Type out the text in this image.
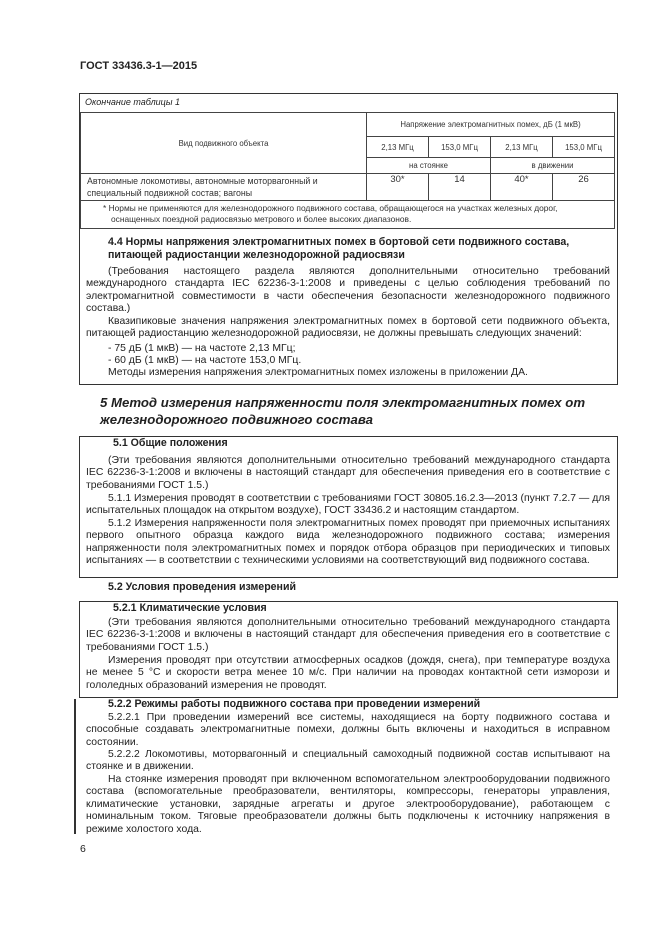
ГОСТ 33436.3-1—2015
Окончание таблицы 1
Вид подвижного объекта	Напряжение электромагнитных помех, дБ (1 мкВ)			
	2,13 МГц	153,0 МГц	2,13 МГц	153,0 МГц
	на стоянке		в движении	
Автономные локомотивы, автономные моторвагонный и специальный подвижной состав; вагоны	30*	14	40*	26
* Нормы не применяются для железнодорожного подвижного состава, обращающегося на участках железных дорог, оснащенных поездной радиосвязью метрового и более высоких диапазонов.				
4.4 Нормы напряжения электромагнитных помех в бортовой сети подвижного состава,
питающей радиостанции железнодорожной радиосвязи
(Требования настоящего раздела являются дополнительными относительно требований международного стандарта IEC 62236-3-1:2008 и приведены с целью соблюдения требований по электромагнитной совместимости в части обеспечения безопасности железнодорожного подвижного состава.)
Квазипиковые значения напряжения электромагнитных помех в бортовой сети подвижного объекта, питающей радиостанцию железнодорожной радиосвязи, не должны превышать следующих значений:
- 75 дБ (1 мкВ) — на частоте 2,13 МГц;
- 60 дБ (1 мкВ) — на частоте 153,0 МГц.
Методы измерения напряжения электромагнитных помех изложены в приложении ДА.
5 Метод измерения напряженности поля электромагнитных помех от
железнодорожного подвижного состава
5.1 Общие положения
(Эти требования являются дополнительными относительно требований международного стандарта IEC 62236-3-1:2008 и включены в настоящий стандарт для обеспечения приведения его в соответствие с требованиями ГОСТ 1.5.)
5.1.1 Измерения проводят в соответствии с требованиями ГОСТ 30805.16.2.3—2013 (пункт 7.2.7 — для испытательных площадок на открытом воздухе), ГОСТ 33436.2 и настоящим стандартом.
5.1.2 Измерения напряженности поля электромагнитных помех проводят при приемочных испытаниях первого опытного образца каждого вида железнодорожного подвижного состава; измерения напряженности поля электромагнитных помех и порядок отбора образцов при периодических и типовых испытаниях — в соответствии с техническими условиями на соответствующий вид подвижного состава.
5.2 Условия проведения измерений
5.2.1 Климатические условия
(Эти требования являются дополнительными относительно требований международного стандарта IEC 62236-3-1:2008 и включены в настоящий стандарт для обеспечения приведения его в соответствие с требованиями ГОСТ 1.5.)
Измерения проводят при отсутствии атмосферных осадков (дождя, снега), при температуре воздуха не менее 5 °С и скорости ветра менее 10 м/с. При наличии на проводах контактной сети изморози и гололедных образований измерения не проводят.
5.2.2 Режимы работы подвижного состава при проведении измерений
5.2.2.1 При проведении измерений все системы, находящиеся на борту подвижного состава и способные создавать электромагнитные помехи, должны быть включены и находиться в исправном состоянии.
5.2.2.2 Локомотивы, моторвагонный и специальный самоходный подвижной состав испытывают на стоянке и в движении.
На стоянке измерения проводят при включенном вспомогательном электрооборудовании подвижного состава (вспомогательные преобразователи, вентиляторы, компрессоры, генераторы управления, климатические установки, зарядные агрегаты и другое электрооборудование), работающем с номинальным током. Тяговые преобразователи должны быть подключены к источнику напряжения в режиме холостого хода.
6
